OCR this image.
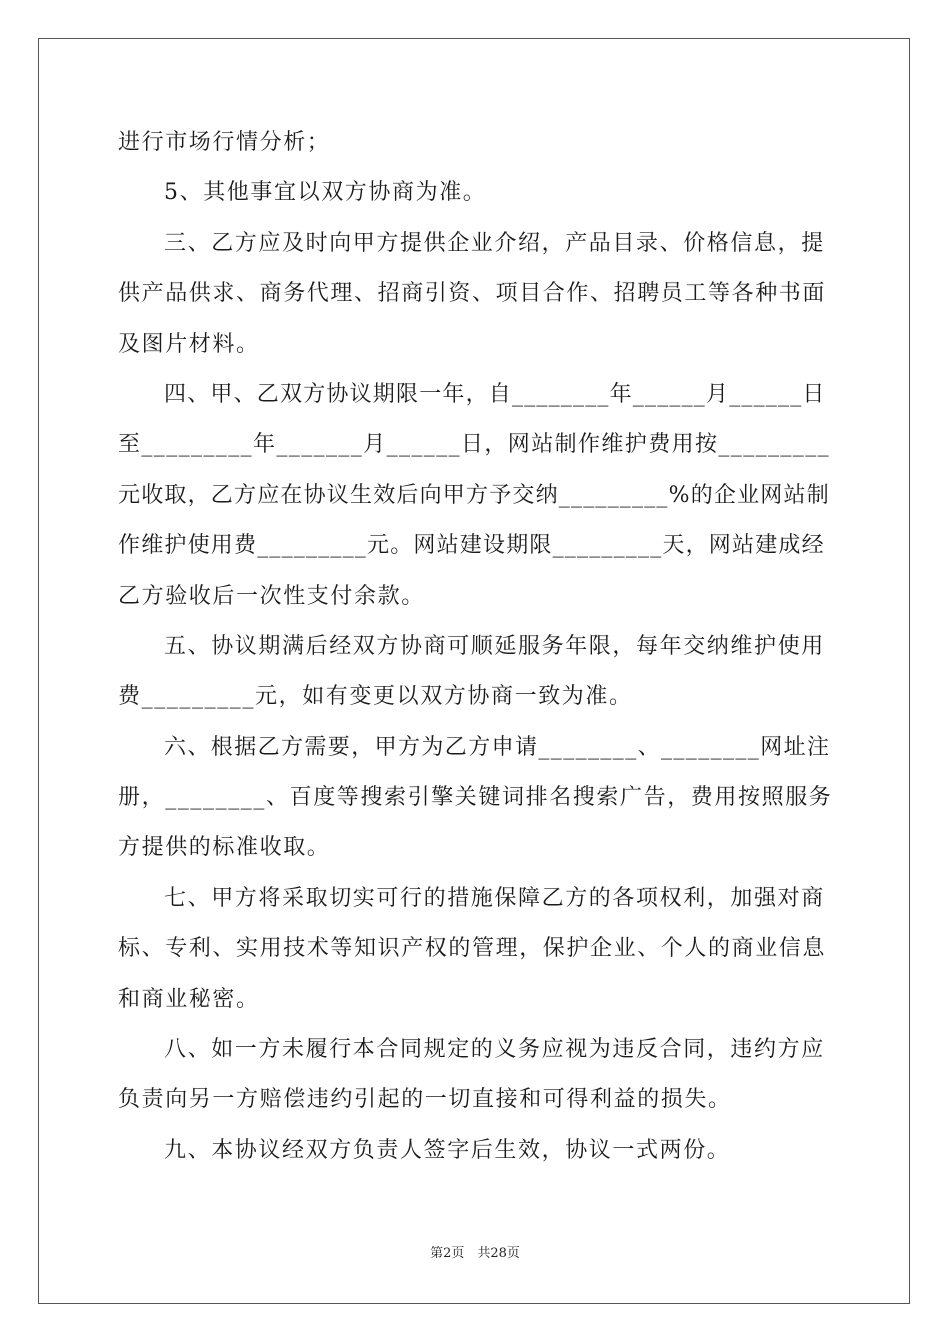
进行市场行情分析；
5、其他事宜以双方协商为准。
三、乙方应及时向甲方提供企业介绍，产品目录、价格信息，提
供产品供求、商务代理、招商引资、项目合作、招聘员工等各种书面
及图片材料。
四、甲、乙双方协议期限一年，自________年______月______日
至_________年_______月______日，网站制作维护费用按_________
元收取，乙方应在协议生效后向甲方予交纳_________%的企业网站制
作维护使用费_________元。网站建设期限_________天，网站建成经
乙方验收后一次性支付余款。
五、协议期满后经双方协商可顺延服务年限，每年交纳维护使用
费_________元，如有变更以双方协商一致为准。
六、根据乙方需要，甲方为乙方申请________、________网址注
册，________、百度等搜索引擎关键词排名搜索广告，费用按照服务
方提供的标准收取。
七、甲方将采取切实可行的措施保障乙方的各项权利，加强对商
标、专利、实用技术等知识产权的管理，保护企业、个人的商业信息
和商业秘密。
八、如一方未履行本合同规定的义务应视为违反合同，违约方应
负责向另一方赔偿违约引起的一切直接和可得利益的损失。
九、本协议经双方负责人签字后生效，协议一式两份。
第2页　共28页
